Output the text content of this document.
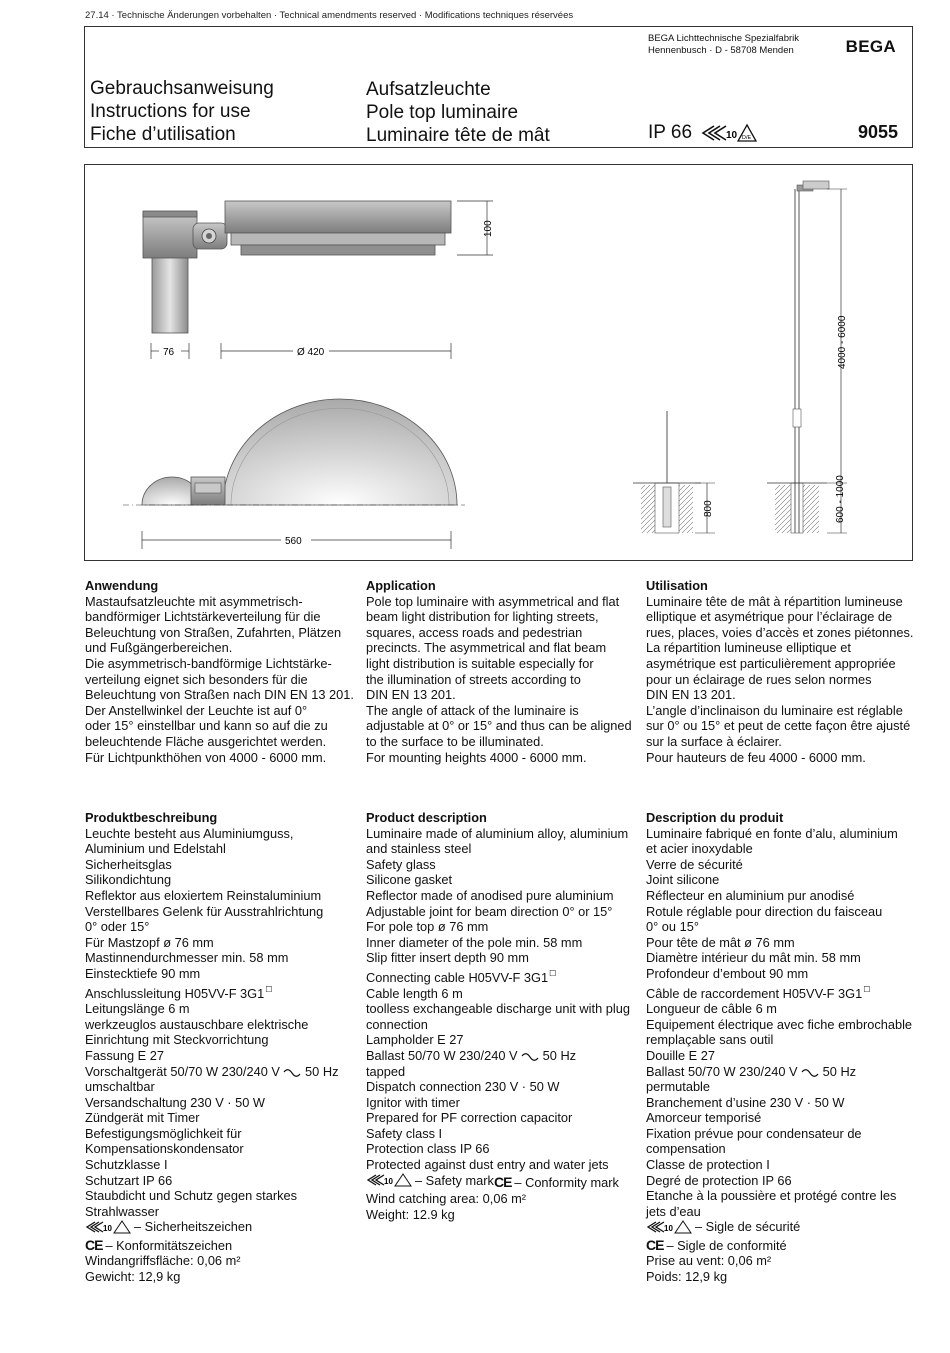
27.14 · Technische Änderungen vorbehalten · Technical amendments reserved · Modifications techniques réservées
BEGA Lichttechnische Spezialfabrik
Hennenbusch · D - 58708 Menden	BEGA
Gebrauchsanweisung
Instructions for use
Fiche d’utilisation
Aufsatzleuchte
Pole top luminaire
Luminaire tête de mât	IP 66	10 D/E	9055
100
76	Ø 420
560
800
4000 - 6000
600 - 1000
Anwendung
Mastaufsatzleuchte mit asymmetrisch-
bandförmiger Lichtstärkeverteilung für die
Beleuchtung von Straßen, Zufahrten, Plätzen
und Fußgängerbereichen.
Die asymmetrisch-bandförmige Lichtstärke-
verteilung eignet sich besonders für die
Beleuchtung von Straßen nach DIN EN 13 201.
Der Anstellwinkel der Leuchte ist auf 0°
oder 15° einstellbar und kann so auf die zu
beleuchtende Fläche ausgerichtet werden.
Für Lichtpunkthöhen von 4000 - 6000 mm.
Application
Pole top luminaire with asymmetrical and flat
beam light distribution for lighting streets,
squares, access roads and pedestrian
precincts. The asymmetrical and flat beam
light distribution is suitable especially for
the illumination of streets according to
DIN EN 13 201.
The angle of attack of the luminaire is
adjustable at 0° or 15° and thus can be aligned
to the surface to be illuminated.
For mounting heights 4000 - 6000 mm.
Utilisation
Luminaire tête de mât à répartition lumineuse
elliptique et asymétrique pour l’éclairage de
rues, places, voies d’accès et zones piétonnes.
La répartition lumineuse elliptique et
asymétrique est particulièrement appropriée
pour un éclairage de rues selon normes
DIN EN 13 201.
L’angle d’inclinaison du luminaire est réglable
sur 0° ou 15° et peut de cette façon être ajusté
sur la surface à éclairer.
Pour hauteurs de feu 4000 - 6000 mm.
Produktbeschreibung
Leuchte besteht aus Aluminiumguss,
Aluminium und Edelstahl
Sicherheitsglas
Silikondichtung
Reflektor aus eloxiertem Reinstaluminium
Verstellbares Gelenk für Ausstrahlrichtung
0° oder 15°
Für Mastzopf ø 76 mm
Mastinnendurchmesser min. 58 mm
Einstecktiefe 90 mm
Anschlussleitung H05VV-F 3G1☐
Leitungslänge 6 m
werkzeuglos austauschbare elektrische
Einrichtung mit Steckvorrichtung
Fassung E 27
Vorschaltgerät 50/70 W 230/240 V  50 Hz
umschaltbar
Versandschaltung 230 V · 50 W
Zündgerät mit Timer
Befestigungsmöglichkeit für
Kompensationskondensator
Schutzklasse I
Schutzart IP 66
Staubdicht und Schutz gegen starkes
Strahlwasser
10 – Sicherheitszeichen
CE – Konformitätszeichen
Windangriffsfläche: 0,06 m²
Gewicht: 12,9 kg
Product description
Luminaire made of aluminium alloy, aluminium
and stainless steel
Safety glass
Silicone gasket
Reflector made of anodised pure aluminium
Adjustable joint for beam direction 0° or 15°
For pole top ø 76 mm
Inner diameter of the pole min. 58 mm
Slip fitter insert depth 90 mm
Connecting cable H05VV-F 3G1☐
Cable length 6 m
toolless exchangeable discharge unit with plug
connection
Lampholder E 27
Ballast 50/70 W 230/240 V  50 Hz
tapped
Dispatch connection 230 V · 50 W
Ignitor with timer
Prepared for PF correction capacitor
Safety class I
Protection class IP 66
Protected against dust entry and water jets
10 – Safety mark CE – Conformity mark
Wind catching area: 0,06 m²
Weight: 12.9 kg
Description du produit
Luminaire fabriqué en fonte d’alu, aluminium
et acier inoxydable
Verre de sécurité
Joint silicone
Réflecteur en aluminium pur anodisé
Rotule réglable pour direction du faisceau
0° ou 15°
Pour tête de mât ø 76 mm
Diamètre intérieur du mât min. 58 mm
Profondeur d’embout 90 mm
Câble de raccordement H05VV-F 3G1☐
Longueur de câble 6 m
Equipement électrique avec fiche embrochable
remplaçable sans outil
Douille E 27
Ballast 50/70 W 230/240 V  50 Hz
permutable
Branchement d’usine 230 V · 50 W
Amorceur temporisé
Fixation prévue pour condensateur de
compensation
Classe de protection I
Degré de protection IP 66
Etanche à la poussière et protégé contre les
jets d’eau
10 – Sigle de sécurité
CE – Sigle de conformité
Prise au vent: 0,06 m²
Poids: 12,9 kg
